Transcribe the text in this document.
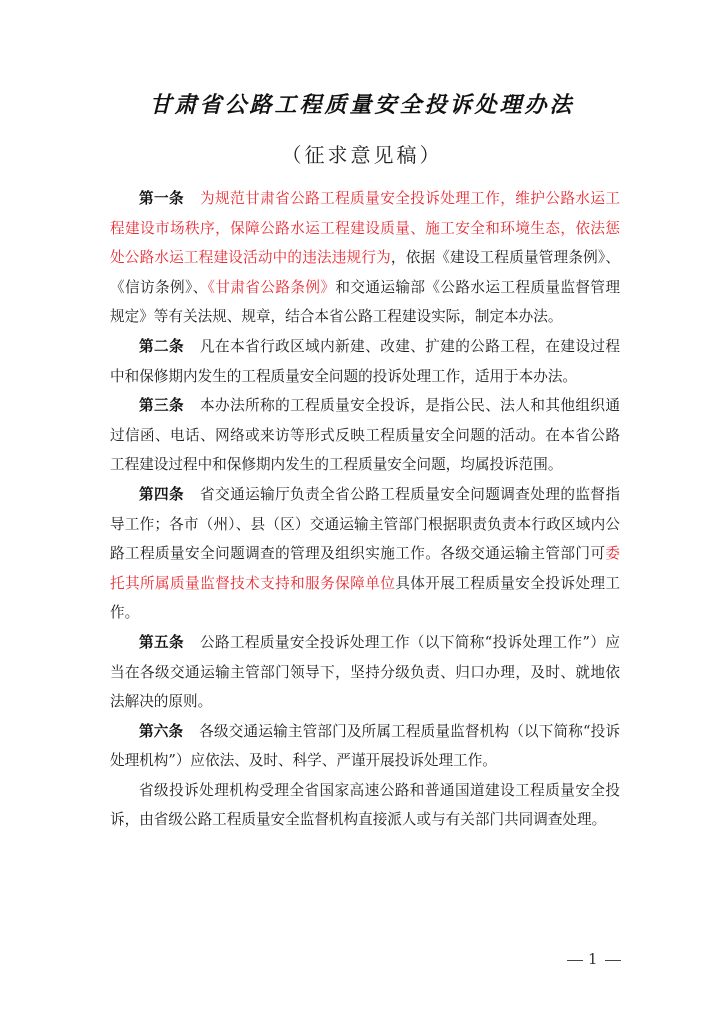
甘肃省公路工程质量安全投诉处理办法
（征求意见稿）

第一条 为规范甘肃省公路工程质量安全投诉处理工作，维护公路水运工程建设市场秩序，保障公路水运工程建设质量、施工安全和环境生态，依法惩处公路水运工程建设活动中的违法违规行为，依据《建设工程质量管理条例》、《信访条例》、《甘肃省公路条例》和交通运输部《公路水运工程质量监督管理规定》等有关法规、规章，结合本省公路工程建设实际，制定本办法。

第二条 凡在本省行政区域内新建、改建、扩建的公路工程，在建设过程中和保修期内发生的工程质量安全问题的投诉处理工作，适用于本办法。

第三条 本办法所称的工程质量安全投诉，是指公民、法人和其他组织通过信函、电话、网络或来访等形式反映工程质量安全问题的活动。在本省公路工程建设过程中和保修期内发生的工程质量安全问题，均属投诉范围。

第四条 省交通运输厅负责全省公路工程质量安全问题调查处理的监督指导工作；各市（州）、县（区）交通运输主管部门根据职责负责本行政区域内公路工程质量安全问题调查的管理及组织实施工作。各级交通运输主管部门可委托其所属质量监督技术支持和服务保障单位具体开展工程质量安全投诉处理工作。

第五条 公路工程质量安全投诉处理工作（以下简称“投诉处理工作”）应当在各级交通运输主管部门领导下，坚持分级负责、归口办理，及时、就地依法解决的原则。

第六条 各级交通运输主管部门及所属工程质量监督机构（以下简称“投诉处理机构”）应依法、及时、科学、严谨开展投诉处理工作。

省级投诉处理机构受理全省国家高速公路和普通国道建设工程质量安全投诉，由省级公路工程质量安全监督机构直接派人或与有关部门共同调查处理。

1
